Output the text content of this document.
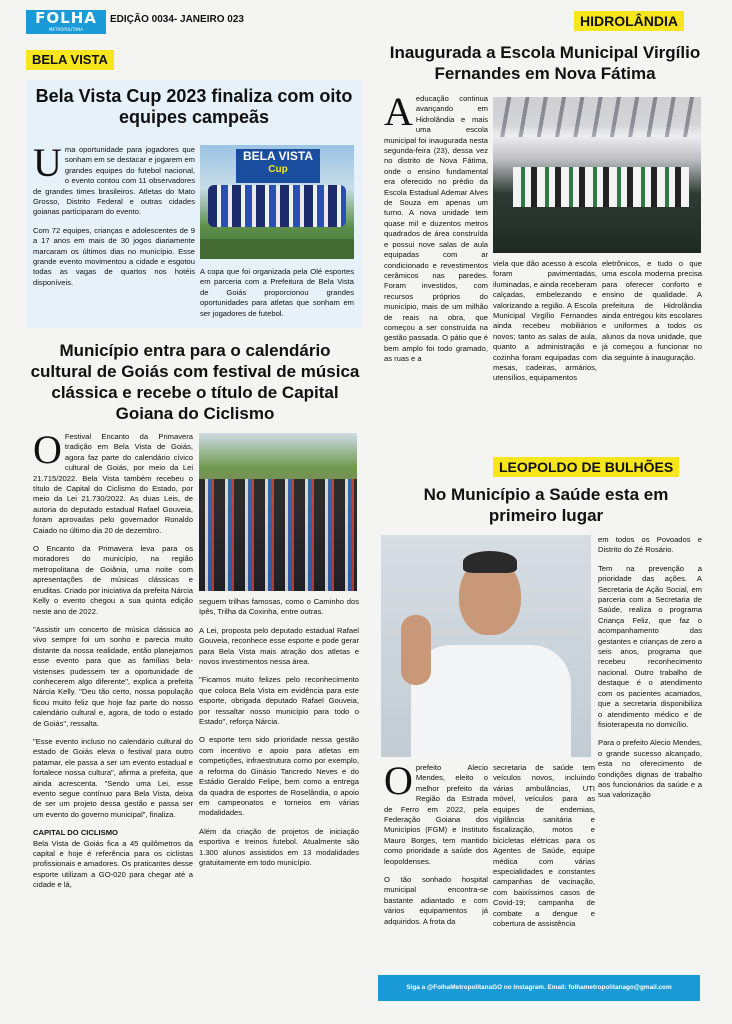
FOLHA
METROPOLITANA
EDIÇÃO 0034- JANEIRO 023
BELA VISTA
HIDROLÂNDIA
LEOPOLDO DE BULHÕES
Bela Vista Cup 2023 finaliza com oito equipes campeãs

Uma oportunidade para jogadores que sonham em se destacar e jogarem em grandes equipes do futebol nacional, o evento contou com 11 observadores de grandes times brasileiros. Atletas do Mato Grosso, Distrito Federal e outras cidades goianas participaram do evento.

Com 72 equipes, crianças e adolescentes de 9 a 17 anos em mais de 30 jogos diariamente marcaram os últimos dias no município. Esse grande evento movimentou a cidade e esgotou todas as vagas de quartos nos hotéis disponíveis.

BELA VISTA
Cup

A copa que foi organizada pela Olé esportes em parceria com a Prefeitura de Bela Vista de Goiás proporcionou grandes oportunidades para atletas que sonham em ser jogadores de futebol.

Município entra para o calendário cultural de Goiás com festival de música clássica e recebe o título de Capital Goiana do Ciclismo

O Festival Encanto da Primavera tradição em Bela Vista de Goiás, agora faz parte do calendário cívico cultural de Goiás, por meio da Lei 21.715/2022. Bela Vista também recebeu o título de Capital do Ciclismo do Estado, por meio da Lei 21.730/2022. As duas Leis, de autoria do deputado estadual Rafael Gouveia, foram aprovadas pelo governador Ronaldo Caiado no último dia 20 de dezembro.

O Encanto da Primavera leva para os moradores do município, na região metropolitana de Goiânia, uma noite com apresentações de músicas clássicas e eruditas. Criado por iniciativa da prefeita Nárcia Kelly o evento chegou a sua quinta edição neste ano de 2022.

"Assistir um concerto de música clássica ao vivo sempre foi um sonho e parecia muito distante da nossa realidade, então planejamos esse evento para que as famílias bela-vistenses pudessem ter a oportunidade de conhecerem algo diferente", explica a prefeita Nárcia Kelly. "Deu tão certo, nossa população ficou muito feliz que hoje faz parte do nosso calendário cultural e, agora, de todo o estado de Goiás", ressalta.

"Esse evento incluso no calendário cultural do estado de Goiás eleva o festival para outro patamar, ele passa a ser um evento estadual e fortalece nossa cultura", afirma a prefeita, que ainda acrescenta. "Sendo uma Lei, esse evento segue contínuo para Bela Vista, deixa de ser um projeto dessa gestão e passa ser um evento do governo municipal", finaliza.

CAPITAL DO CICLISMO

Bela Vista de Goiás fica a 45 quilômetros da capital e hoje é referência para os ciclistas profissionais e amadores. Os praticantes desse esporte utilizam a GO-020 para chegar até a cidade e lá,

seguem trilhas famosas, como o Caminho dos Ipês, Trilha da Coxinha, entre outras.

A Lei, proposta pelo deputado estadual Rafael Gouveia, reconhece esse esporte e pode gerar para Bela Vista mais atração dos atletas e novos investimentos nessa área.

"Ficamos muito felizes pelo reconhecimento que coloca Bela Vista em evidência para este esporte, obrigada deputado Rafael Gouveia, por ressaltar nosso município para todo o Estado", reforça Nárcia.

O esporte tem sido prioridade nessa gestão com incentivo e apoio para atletas em competições, infraestrutura como por exemplo, a reforma do Ginásio Tancredo Neves e do Estádio Geraldo Felipe, bem como a entrega da quadra de esportes de Roselândia, o apoio em campeonatos e torneios em várias modalidades.

Além da criação de projetos de iniciação esportiva e treinos futebol. Atualmente são 1.300 alunos assistidos em 13 modalidades gratuitamente em todo município.

Inaugurada a Escola Municipal Virgílio Fernandes em Nova Fátima

Aeducação continua avançando em Hidrolândia e mais uma escola municipal foi inaugurada nesta segunda-feira (23), dessa vez no distrito de Nova Fátima, onde o ensino fundamental era oferecido no prédio da Escola Estadual Ademar Alves de Souza em apenas um turno. A nova unidade tem quase mil e duzentos metros quadrados de área construída e possui nove salas de aula equipadas com ar condicionado e revestimentos cerâmicos nas paredes. Foram investidos, com recursos próprios do município, mais de um milhão de reais na obra, que começou a ser construída na gestão passada. O pátio que é bem amplo foi todo gramado, as ruas e a

viela que dão acesso à escola foram pavimentadas, iluminadas, e ainda receberam calçadas, embelezando e valorizando a região. A Escola Municipal Virgílio Fernandes ainda recebeu mobiliários novos; tanto as salas de aula, quanto a administração e cozinha foram equipadas com mesas, cadeiras, armários, utensílios, equipamentos

eletrônicos, e tudo o que uma escola moderna precisa para oferecer conforto e ensino de qualidade. A prefeitura de Hidrolândia ainda entregou kits escolares e uniformes a todos os alunos da nova unidade, que já começou a funcionar no dia seguinte à inauguração.

No Município a Saúde esta em primeiro lugar

Oprefeito Alecio Mendes, eleito o melhor prefeito da Região da Estrada de Ferro em 2022, pela Federação Goiana dos Municípios (FGM) e Instituto Mauro Borges, tem mantido como prioridade a saúde dos leopoldenses.

O tão sonhado hospital municipal encontra-se bastante adiantado e com vários equipamentos já adquiridos. A frota da

secretaria de saúde tem veículos novos, incluindo várias ambulâncias, UTI móvel, veículos para as equipes de endemias, vigilância sanitária e fiscalização, motos e bicicletas elétricas para os Agentes de Saúde, equipe médica com várias especialidades e constantes campanhas de vacinação, com baixíssimos casos de Covid-19; campanha de combate a dengue e cobertura de assistência

em todos os Povoados e Distrito do Zé Rosário.

Tem na prevenção a prioridade das ações. A Secretaria de Ação Social, em parceria com a Secretaria de Saúde, realiza o programa Criança Feliz, que faz o acompanhamento das gestantes e crianças de zero a seis anos, programa que recebeu reconhecimento nacional. Outro trabalho de destaque é o atendimento com os pacientes acamados, que a secretaria disponibiliza o atendimento médico e de fisioterapeuta no domicílio.

Para o prefeito Alecio Mendes, o grande sucesso alcançado, esta no oferecimento de condições dignas de trabalho aos funcionários da saúde e a sua valorização

Siga a @FolhaMetropolitanaGO no Instagram. Email: folhametropolitanago@gmail.com
